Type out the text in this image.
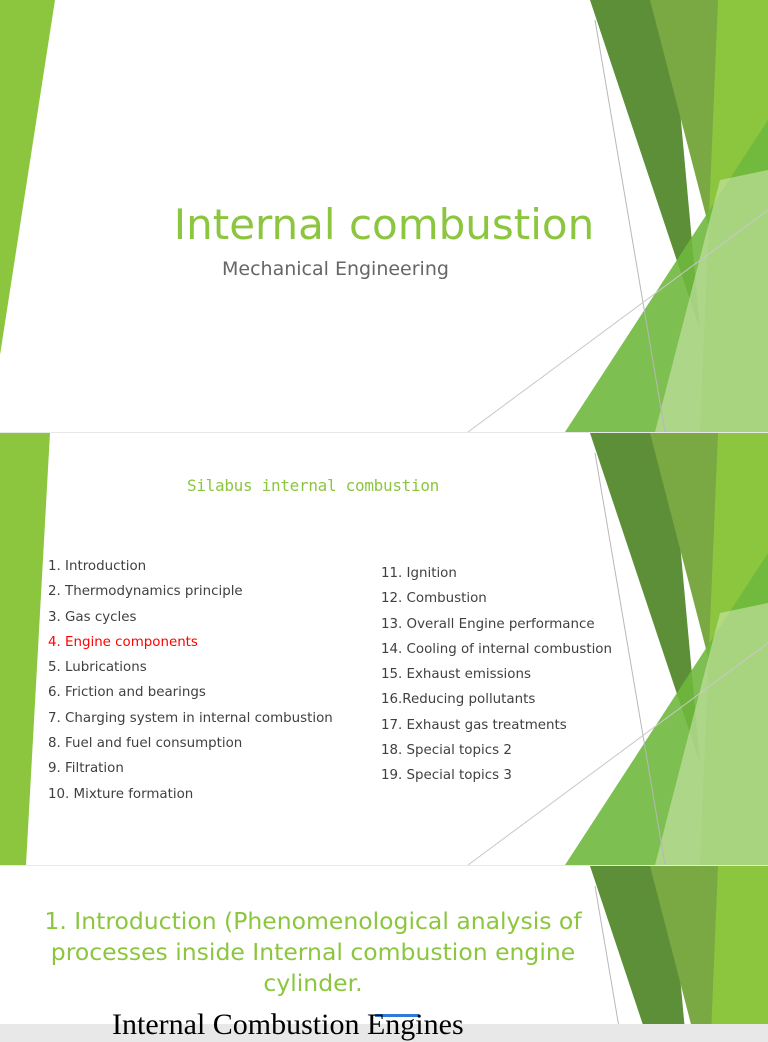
Internal combustion
Mechanical Engineering
Silabus internal combustion
1. Introduction
2. Thermodynamics principle
3. Gas cycles
4. Engine components
5. Lubrications
6. Friction and bearings
7. Charging system in internal combustion
8. Fuel and fuel consumption
9. Filtration
10. Mixture formation
11. Ignition
12. Combustion
13. Overall Engine performance
14. Cooling of internal combustion
15. Exhaust emissions
16.Reducing pollutants
17. Exhaust gas treatments
18. Special topics 2
19. Special topics 3
1. Introduction (Phenomenological analysis of
processes inside Internal combustion engine
cylinder.
Internal Combustion Engines
